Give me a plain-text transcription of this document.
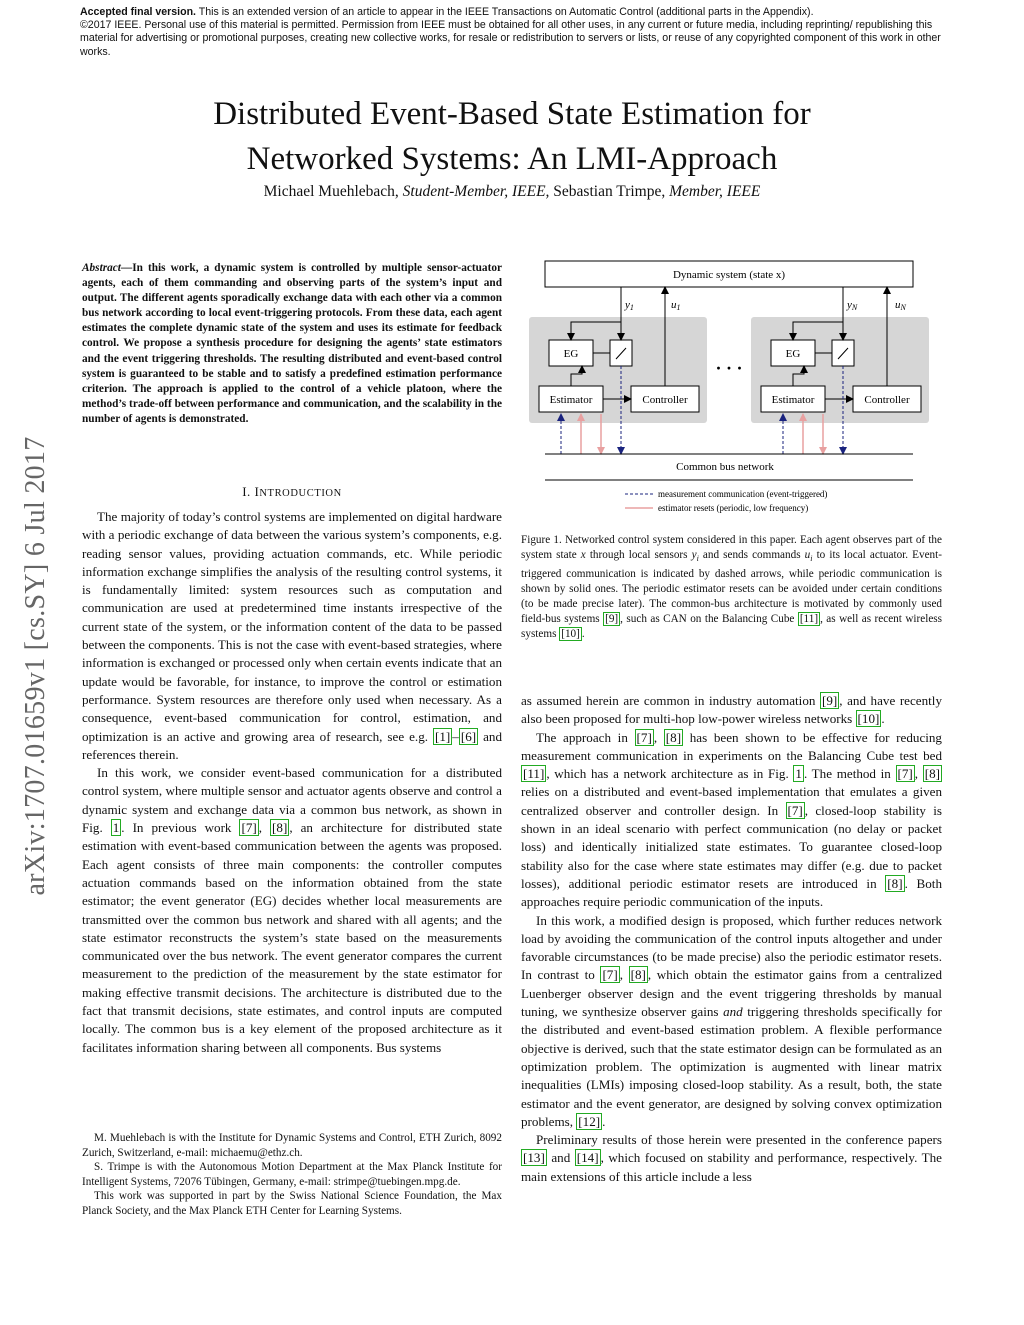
Accepted final version. This is an extended version of an article to appear in the IEEE Transactions on Automatic Control (additional parts in the Appendix).
©2017 IEEE. Personal use of this material is permitted. Permission from IEEE must be obtained for all other uses, in any current or future media, including reprinting/ republishing this material for advertising or promotional purposes, creating new collective works, for resale or redistribution to servers or lists, or reuse of any copyrighted component of this work in other works.
arXiv:1707.01659v1 [cs.SY] 6 Jul 2017
Distributed Event-Based State Estimation for
Networked Systems: An LMI-Approach
Michael Muehlebach, Student-Member, IEEE, Sebastian Trimpe, Member, IEEE
Abstract—In this work, a dynamic system is controlled by multiple sensor-actuator agents, each of them commanding and observing parts of the system’s input and output. The different agents sporadically exchange data with each other via a common bus network according to local event-triggering protocols. From these data, each agent estimates the complete dynamic state of the system and uses its estimate for feedback control. We propose a synthesis procedure for designing the agents’ state estimators and the event triggering thresholds. The resulting distributed and event-based control system is guaranteed to be stable and to satisfy a predefined estimation performance criterion. The approach is applied to the control of a vehicle platoon, where the method’s trade-off between performance and communication, and the scalability in the number of agents is demonstrated.
I. INTRODUCTION

The majority of today’s control systems are implemented on digital hardware with a periodic exchange of data between the various system’s components, e.g. reading sensor values, providing actuation commands, etc. While periodic information exchange simplifies the analysis of the resulting control systems, it is fundamentally limited: system resources such as computation and communication are used at predetermined time instants irrespective of the current state of the system, or the information content of the data to be passed between the components. This is not the case with event-based strategies, where information is exchanged or processed only when certain events indicate that an update would be favorable, for instance, to improve the control or estimation performance. System resources are therefore only used when necessary. As a consequence, event-based communication for control, estimation, and optimization is an active and growing area of research, see e.g. [1] – [6] and references therein.

In this work, we consider event-based communication for a distributed control system, where multiple sensor and actuator agents observe and control a dynamic system and exchange data via a common bus network, as shown in Fig. 1 . In previous work [7] , [8] , an architecture for distributed state estimation with event-based communication between the agents was proposed. Each agent consists of three main components: the controller computes actuation commands based on the information obtained from the state estimator; the event generator (EG) decides whether local measurements are transmitted over the common bus network and shared with all agents; and the state estimator reconstructs the system’s state based on the measurements communicated over the bus network. The event generator compares the current measurement to the prediction of the measurement by the state estimator for making effective transmit decisions. The architecture is distributed due to the fact that transmit decisions, state estimates, and control inputs are computed locally. The common bus is a key element of the proposed architecture as it facilitates information sharing between all components. Bus systems

M. Muehlebach is with the Institute for Dynamic Systems and Control, ETH Zurich, 8092 Zurich, Switzerland, e-mail: michaemu@ethz.ch.

S. Trimpe is with the Autonomous Motion Department at the Max Planck Institute for Intelligent Systems, 72076 Tübingen, Germany, e-mail: strimpe@tuebingen.mpg.de.

This work was supported in part by the Swiss National Science Foundation, the Max Planck Society, and the Max Planck ETH Center for Learning Systems.

Dynamic system (state x)
y1	u1	yN	uN
EG
Estimator	Controller
· · ·
EG
Estimator	Controller
Common bus network
measurement communication (event-triggered)
estimator resets (periodic, low frequency)

Figure 1. Networked control system considered in this paper. Each agent observes part of the system state x through local sensors $y_i$ and sends commands $u_i$ to its local actuator. Event-triggered communication is indicated by dashed arrows, while periodic communication is shown by solid ones. The periodic estimator resets can be avoided under certain conditions (to be made precise later). The common-bus architecture is motivated by commonly used field-bus systems [9] , such as CAN on the Balancing Cube [11] , as well as recent wireless systems [10] .

as assumed herein are common in industry automation [9] , and have recently also been proposed for multi-hop low-power wireless networks [10] .

The approach in [7] , [8] has been shown to be effective for reducing measurement communication in experiments on the Balancing Cube test bed [11] , which has a network architecture as in Fig. 1 . The method in [7] , [8] relies on a distributed and event-based implementation that emulates a given centralized observer and controller design. In [7] , closed-loop stability is shown in an ideal scenario with perfect communication (no delay or packet loss) and identically initialized state estimates. To guarantee closed-loop stability also for the case where state estimates may differ (e.g. due to packet losses), additional periodic estimator resets are introduced in [8] . Both approaches require periodic communication of the inputs.

In this work, a modified design is proposed, which further reduces network load by avoiding the communication of the control inputs altogether and under favorable circumstances (to be made precise) also the periodic estimator resets. In contrast to [7] , [8] , which obtain the estimator gains from a centralized Luenberger observer design and the event triggering thresholds by manual tuning, we synthesize observer gains and triggering thresholds specifically for the distributed and event-based estimation problem. A flexible performance objective is derived, such that the state estimator design can be formulated as an optimization problem. The optimization is augmented with linear matrix inequalities (LMIs) imposing closed-loop stability. As a result, both, the state estimator and the event generator, are designed by solving convex optimization problems, [12] .

Preliminary results of those herein were presented in the conference papers [13] and [14] , which focused on stability and performance, respectively. The main extensions of this article include a less
